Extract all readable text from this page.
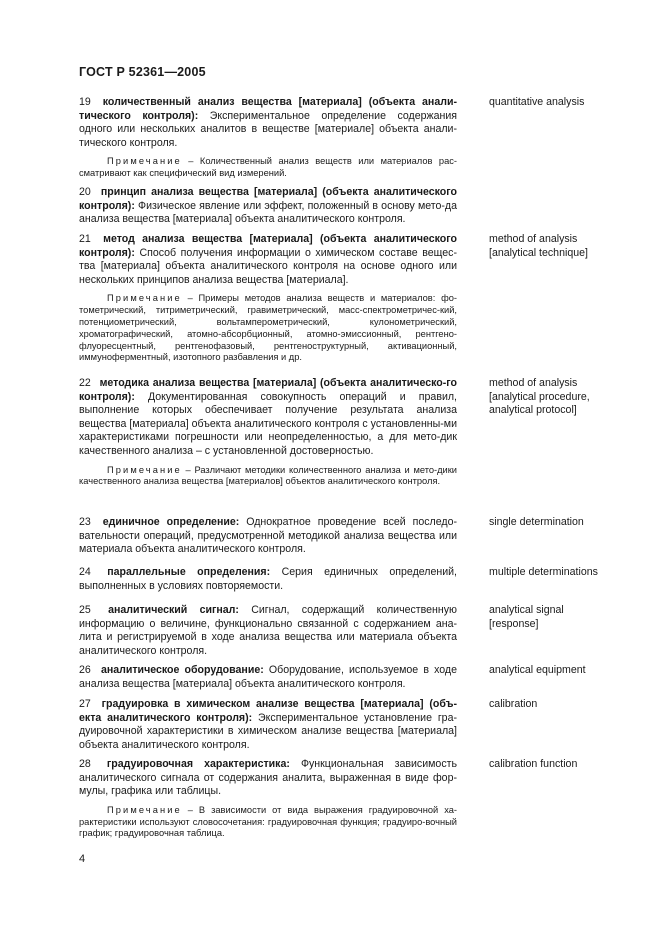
ГОСТ Р 52361—2005
19 количественный анализ вещества [материала] (объекта анали-тического контроля): Экспериментальное определение содержания одного или нескольких аналитов в веществе [материале] объекта анали-тического контроля.
quantitative analysis
Примечание – Количественный анализ веществ или материалов рас-сматривают как специфический вид измерений.
20 принцип анализа вещества [материала] (объекта аналитического контроля): Физическое явление или эффект, положенный в основу мето-да анализа вещества [материала] объекта аналитического контроля.
21 метод анализа вещества [материала] (объекта аналитического контроля): Способ получения информации о химическом составе вещес-тва [материала] объекта аналитического контроля на основе одного или нескольких принципов анализа вещества [материала].
method of analysis
[analytical technique]
Примечание – Примеры методов анализа веществ и материалов: фо-тометрический, титриметрический, гравиметрический, масс-спектрометричес-кий, потенциометрический, вольтамперометрический, кулонометрический, хроматографический, атомно-абсорбционный, атомно-эмиссионный, рентгено-флуоресцентный, рентгенофазовый, рентгеноструктурный, активационный, иммуноферментный, изотопного разбавления и др.
22 методика анализа вещества [материала] (объекта аналитическо-го контроля): Документированная совокупность операций и правил, выполнение которых обеспечивает получение результата анализа вещества [материала] объекта аналитического контроля с установленны-ми характеристиками погрешности или неопределенностью, а для мето-дик качественного анализа – с установленной достоверностью.
method of analysis
[analytical procedure,
analytical protocol]
Примечание – Различают методики количественного анализа и мето-дики качественного анализа вещества [материалов] объектов аналитического контроля.
23 единичное определение: Однократное проведение всей последо-вательности операций, предусмотренной методикой анализа вещества или материала объекта аналитического контроля.
single determination
24 параллельные определения: Серия единичных определений, выполненных в условиях повторяемости.
multiple determinations
25 аналитический сигнал: Сигнал, содержащий количественную информацию о величине, функционально связанной с содержанием ана-лита и регистрируемой в ходе анализа вещества или материала объекта аналитического контроля.
analytical signal
[response]
26 аналитическое оборудование: Оборудование, используемое в ходе анализа вещества [материала] объекта аналитического контроля.
analytical equipment
27 градуировка в химическом анализе вещества [материала] (объ-екта аналитического контроля): Экспериментальное установление гра-дуировочной характеристики в химическом анализе вещества [материала] объекта аналитического контроля.
calibration
28 градуировочная характеристика: Функциональная зависимость аналитического сигнала от содержания аналита, выраженная в виде фор-мулы, графика или таблицы.
calibration function
Примечание – В зависимости от вида выражения градуировочной ха-рактеристики используют словосочетания: градуировочная функция; градуиро-вочный график; градуировочная таблица.
4
